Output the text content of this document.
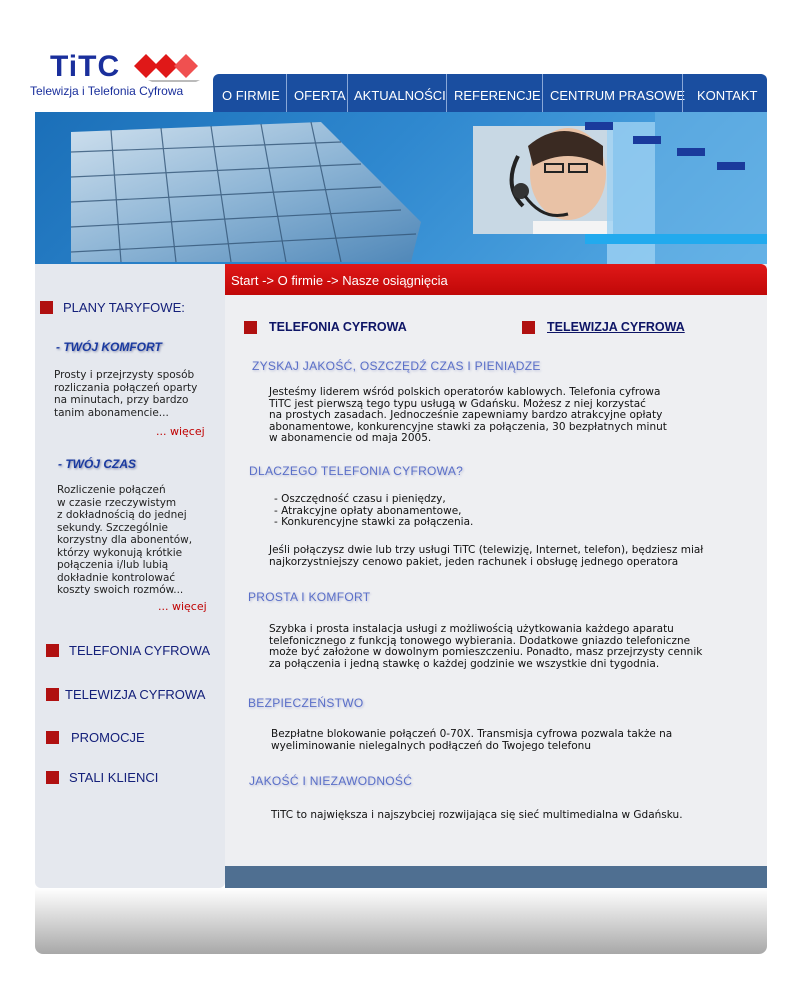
TiTC
Telewizja i Telefonia Cyfrowa	O FIRMIE	OFERTA AKTUALNOŚCI REFERENCJE CENTRUM PRASOWE KONTAKT
PLANY TARYFOWE:
- TWÓJ KOMFORT
Prosty i przejrzysty sposób
rozliczania połączeń oparty
na minutach, przy bardzo
tanim abonamencie...
... więcej
- TWÓJ CZAS
Rozliczenie połączeń
w czasie rzeczywistym
z dokładnością do jednej
sekundy. Szczególnie
korzystny dla abonentów,
którzy wykonują krótkie
połączenia i/lub lubią
dokładnie kontrolować
koszty swoich rozmów...
... więcej
TELEFONIA CYFROWA
TELEWIZJA CYFROWA
PROMOCJE
STALI KLIENCI
Start -> O firmie -> Nasze osiągnięcia
TELEFONIA CYFROWA	TELEWIZJA CYFROWA
ZYSKAJ JAKOŚĆ, OSZCZĘDŹ CZAS I PIENIĄDZE
Jesteśmy liderem wśród polskich operatorów kablowych. Telefonia cyfrowa
TiTC jest pierwszą tego typu usługą w Gdańsku. Możesz z niej korzystać
na prostych zasadach. Jednocześnie zapewniamy bardzo atrakcyjne opłaty
abonamentowe, konkurencyjne stawki za połączenia, 30 bezpłatnych minut
w abonamencie od maja 2005.
DLACZEGO TELEFONIA CYFROWA?
- Oszczędność czasu i pieniędzy,
- Atrakcyjne opłaty abonamentowe,
- Konkurencyjne stawki za połączenia.
Jeśli połączysz dwie lub trzy usługi TiTC (telewizję, Internet, telefon), będziesz miał
najkorzystniejszy cenowo pakiet, jeden rachunek i obsługę jednego operatora
PROSTA I KOMFORT
Szybka i prosta instalacja usługi z możliwością użytkowania każdego aparatu
telefonicznego z funkcją tonowego wybierania. Dodatkowe gniazdo telefoniczne
może być założone w dowolnym pomieszczeniu. Ponadto, masz przejrzysty cennik
za połączenia i jedną stawkę o każdej godzinie we wszystkie dni tygodnia.
BEZPIECZEŃSTWO
Bezpłatne blokowanie połączeń 0-70X. Transmisja cyfrowa pozwala także na
wyeliminowanie nielegalnych podłączeń do Twojego telefonu
JAKOŚĆ I NIEZAWODNOŚĆ
TiTC to największa i najszybciej rozwijająca się sieć multimedialna w Gdańsku.
